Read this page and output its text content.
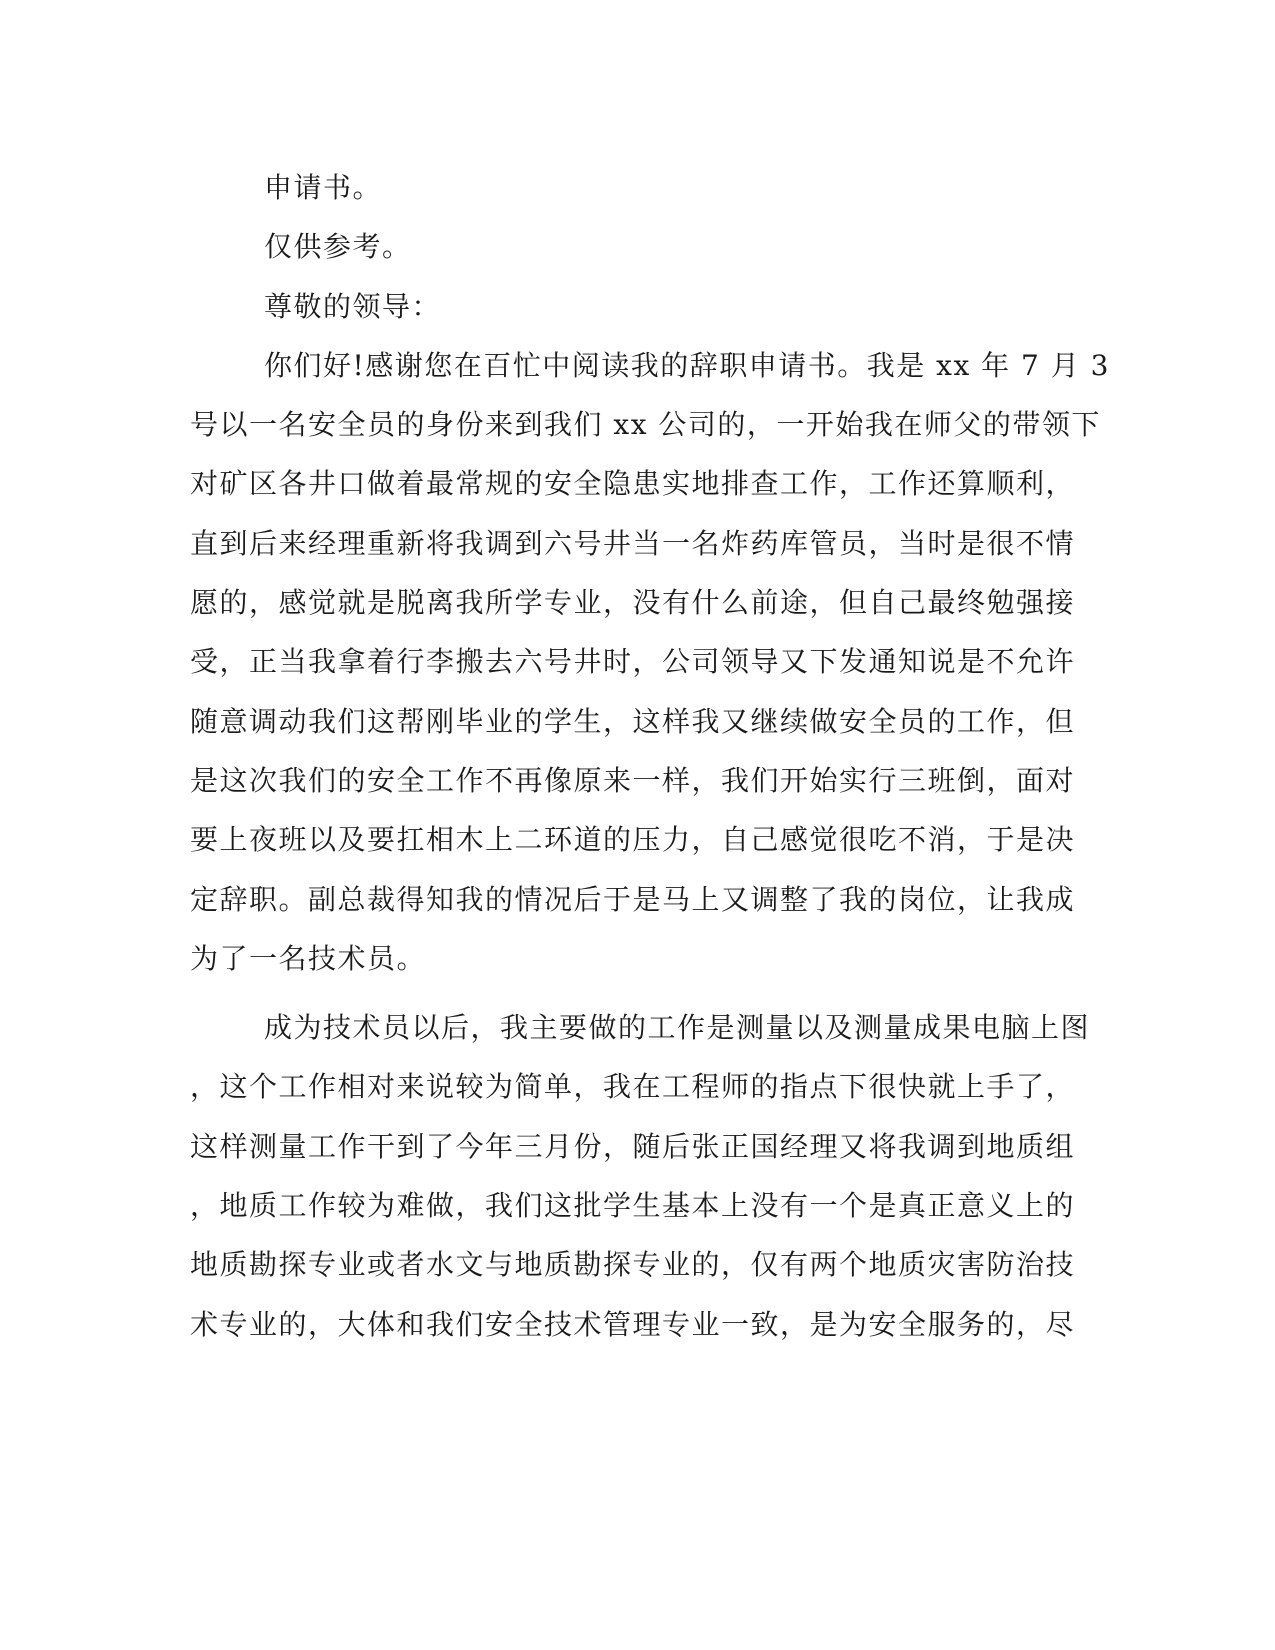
申请书。
仅供参考。
尊敬的领导：
你们好!感谢您在百忙中阅读我的辞职申请书。我是 xx 年 7 月 3
号以一名安全员的身份来到我们 xx 公司的，一开始我在师父的带领下
对矿区各井口做着最常规的安全隐患实地排查工作，工作还算顺利，
直到后来经理重新将我调到六号井当一名炸药库管员，当时是很不情
愿的，感觉就是脱离我所学专业，没有什么前途，但自己最终勉强接
受，正当我拿着行李搬去六号井时，公司领导又下发通知说是不允许
随意调动我们这帮刚毕业的学生，这样我又继续做安全员的工作，但
是这次我们的安全工作不再像原来一样，我们开始实行三班倒，面对
要上夜班以及要扛相木上二环道的压力，自己感觉很吃不消，于是决
定辞职。副总裁得知我的情况后于是马上又调整了我的岗位，让我成
为了一名技术员。
成为技术员以后，我主要做的工作是测量以及测量成果电脑上图
，这个工作相对来说较为简单，我在工程师的指点下很快就上手了，
这样测量工作干到了今年三月份，随后张正国经理又将我调到地质组
，地质工作较为难做，我们这批学生基本上没有一个是真正意义上的
地质勘探专业或者水文与地质勘探专业的，仅有两个地质灾害防治技
术专业的，大体和我们安全技术管理专业一致，是为安全服务的，尽
